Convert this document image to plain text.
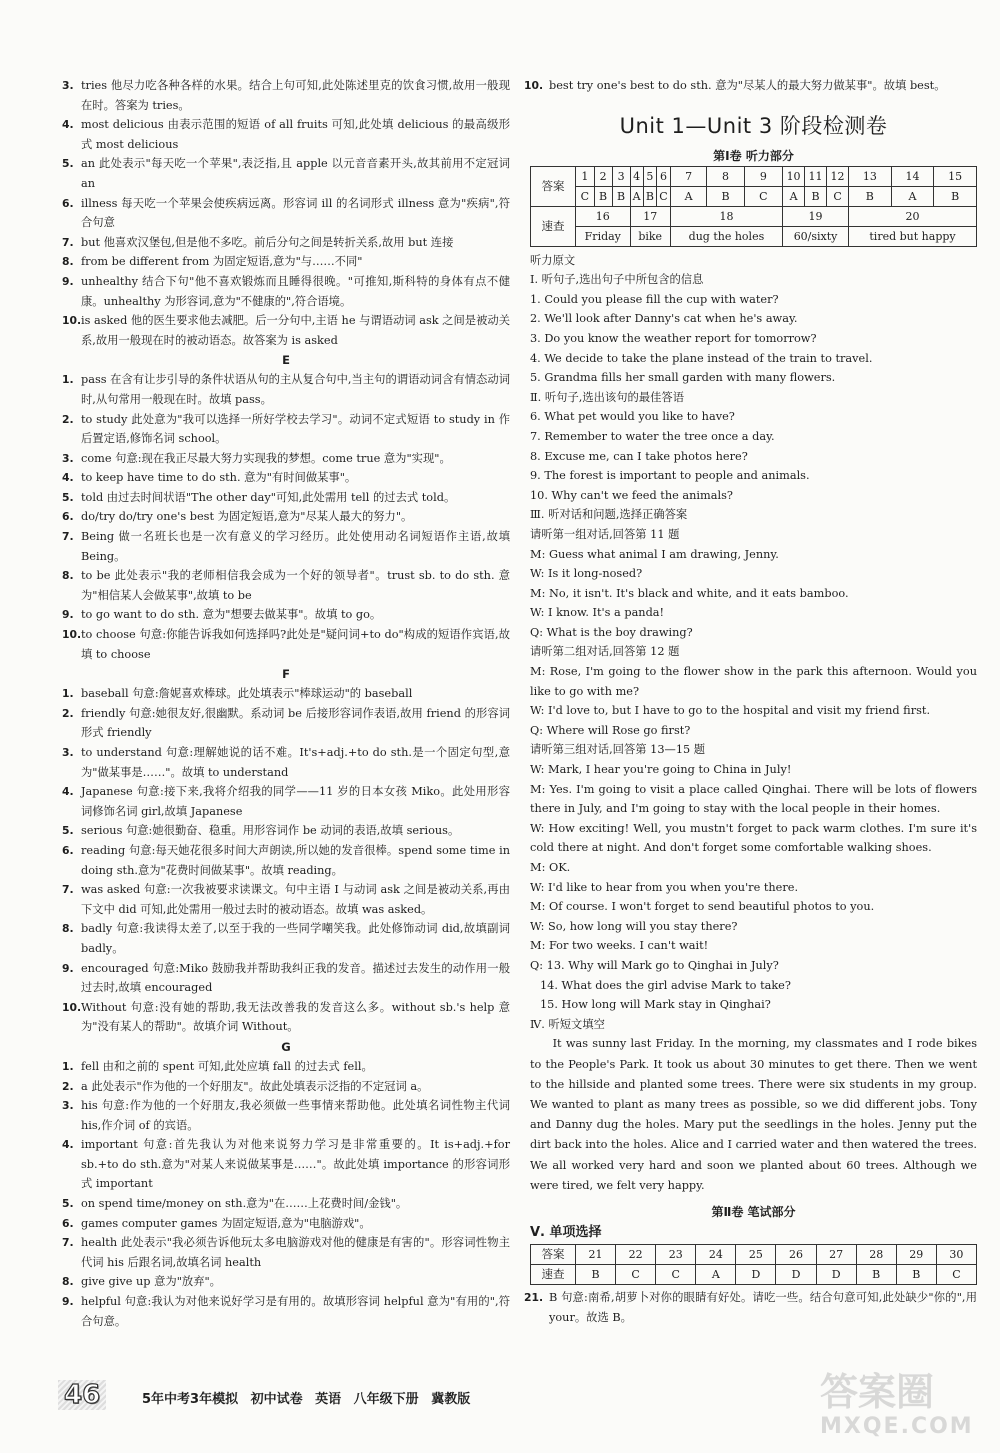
3. tries 他尽力吃各种各样的水果。结合上句可知,此处陈述里克的饮食习惯,故用一般现在时。答案为 tries。
4. most delicious 由表示范围的短语 of all fruits 可知,此处填 delicious 的最高级形式 most delicious
5. an 此处表示"每天吃一个苹果",表泛指,且 apple 以元音音素开头,故其前用不定冠词 an
6. illness 每天吃一个苹果会使疾病远离。形容词 ill 的名词形式 illness 意为"疾病",符合句意
7. but 他喜欢汉堡包,但是他不多吃。前后分句之间是转折关系,故用 but 连接
8. from be different from 为固定短语,意为"与……不同"
9. unhealthy 结合下句"他不喜欢锻炼而且睡得很晚。"可推知,斯科特的身体有点不健康。unhealthy 为形容词,意为"不健康的",符合语境。
10. is asked 他的医生要求他去减肥。后一分句中,主语 he 与谓语动词 ask 之间是被动关系,故用一般现在时的被动语态。故答案为 is asked
E
1. pass 在含有让步引导的条件状语从句的主从复合句中,当主句的谓语动词含有情态动词时,从句常用一般现在时。故填 pass。
2. to study 此处意为"我可以选择一所好学校去学习"。动词不定式短语 to study in 作后置定语,修饰名词 school。
3. come 句意:现在我正尽最大努力实现我的梦想。come true 意为"实现"。
4. to keep have time to do sth. 意为"有时间做某事"。
5. told 由过去时间状语"The other day"可知,此处需用 tell 的过去式 told。
6. do/try do/try one's best 为固定短语,意为"尽某人最大的努力"。
7. Being 做一名班长也是一次有意义的学习经历。此处使用动名词短语作主语,故填 Being。
8. to be 此处表示"我的老师相信我会成为一个好的领导者"。trust sb. to do sth. 意为"相信某人会做某事",故填 to be
9. to go want to do sth. 意为"想要去做某事"。故填 to go。
10. to choose 句意:你能告诉我如何选择吗?此处是"疑问词+to do"构成的短语作宾语,故填 to choose
F
1. baseball 句意:詹妮喜欢棒球。此处填表示"棒球运动"的 baseball
2. friendly 句意:她很友好,很幽默。系动词 be 后接形容词作表语,故用 friend 的形容词形式 friendly
3. to understand 句意:理解她说的话不难。It's+adj.+to do sth.是一个固定句型,意为"做某事是……"。故填 to understand
4. Japanese 句意:接下来,我将介绍我的同学——11 岁的日本女孩 Miko。此处用形容词修饰名词 girl,故填 Japanese
5. serious 句意:她很勤奋、稳重。用形容词作 be 动词的表语,故填 serious。
6. reading 句意:每天她花很多时间大声朗读,所以她的发音很棒。spend some time in doing sth.意为"花费时间做某事"。故填 reading。
7. was asked 句意:一次我被要求读课文。句中主语 I 与动词 ask 之间是被动关系,再由下文中 did 可知,此处需用一般过去时的被动语态。故填 was asked。
8. badly 句意:我读得太差了,以至于我的一些同学嘲笑我。此处修饰动词 did,故填副词 badly。
9. encouraged 句意:Miko 鼓励我并帮助我纠正我的发音。描述过去发生的动作用一般过去时,故填 encouraged
10. Without 句意:没有她的帮助,我无法改善我的发音这么多。without sb.'s help 意为"没有某人的帮助"。故填介词 Without。
G
1. fell 由和之前的 spent 可知,此处应填 fall 的过去式 fell。
2. a 此处表示"作为他的一个好朋友"。故此处填表示泛指的不定冠词 a。
3. his 句意:作为他的一个好朋友,我必须做一些事情来帮助他。此处填名词性物主代词 his,作介词 of 的宾语。
4. important 句意:首先我认为对他来说努力学习是非常重要的。It is+adj.+for sb.+to do sth.意为"对某人来说做某事是……"。故此处填 importance 的形容词形式 important
5. on spend time/money on sth.意为"在……上花费时间/金钱"。
6. games computer games 为固定短语,意为"电脑游戏"。
7. health 此处表示"我必须告诉他玩太多电脑游戏对他的健康是有害的"。形容词性物主代词 his 后跟名词,故填名词 health
8. give give up 意为"放弃"。
9. helpful 句意:我认为对他来说好学习是有用的。故填形容词 helpful 意为"有用的",符合句意。
10. best try one's best to do sth. 意为"尽某人的最大努力做某事"。故填 best。
Unit 1—Unit 3 阶段检测卷
第Ⅰ卷 听力部分
答案	1	2	3	4	5	6	7	8	9	10	11	12	13	14	15
	C	B	B	A	B	C	A	B	C	A	B	C	B	A	B
速查	16			17			18			19			20		
	Friday			bike			dug the holes			60/sixty			tired but happy		
听力原文
Ⅰ. 听句子,选出句子中所包含的信息
1. Could you please fill the cup with water?
2. We'll look after Danny's cat when he's away.
3. Do you know the weather report for tomorrow?
4. We decide to take the plane instead of the train to travel.
5. Grandma fills her small garden with many flowers.
Ⅱ. 听句子,选出该句的最佳答语
6. What pet would you like to have?
7. Remember to water the tree once a day.
8. Excuse me, can I take photos here?
9. The forest is important to people and animals.
10. Why can't we feed the animals?
Ⅲ. 听对话和问题,选择正确答案
请听第一组对话,回答第 11 题
M: Guess what animal I am drawing, Jenny.
W: Is it long-nosed?
M: No, it isn't. It's black and white, and it eats bamboo.
W: I know. It's a panda!
Q: What is the boy drawing?
请听第二组对话,回答第 12 题
M: Rose, I'm going to the flower show in the park this afternoon. Would you like to go with me?
W: I'd love to, but I have to go to the hospital and visit my friend first.
Q: Where will Rose go first?
请听第三组对话,回答第 13—15 题
W: Mark, I hear you're going to China in July!
M: Yes. I'm going to visit a place called Qinghai. There will be lots of flowers there in July, and I'm going to stay with the local people in their homes.
W: How exciting! Well, you mustn't forget to pack warm clothes. I'm sure it's cold there at night. And don't forget some comfortable walking shoes.
M: OK.
W: I'd like to hear from you when you're there.
M: Of course. I won't forget to send beautiful photos to you.
W: So, how long will you stay there?
M: For two weeks. I can't wait!
Q: 13. Why will Mark go to Qinghai in July?
14. What does the girl advise Mark to take?
15. How long will Mark stay in Qinghai?
Ⅳ. 听短文填空
It was sunny last Friday. In the morning, my classmates and I rode bikes to the People's Park. It took us about 30 minutes to get there. Then we went to the hillside and planted some trees. There were six students in my group. We wanted to plant as many trees as possible, so we did different jobs. Tony and Danny dug the holes. Mary put the seedlings in the holes. Jenny put the dirt back into the holes. Alice and I carried water and then watered the trees. We all worked very hard and soon we planted about 60 trees. Although we were tired, we felt very happy.
第Ⅱ卷 笔试部分
Ⅴ. 单项选择
答案	21	22	23	24	25	26	27	28	29	30
速查	B	C	C	A	D	D	D	B	B	C
21. B 句意:南希,胡萝卜对你的眼睛有好处。请吃一些。结合句意可知,此处缺少"你的",用 your。故选 B。
46	5年中考3年模拟 初中试卷 英语 八年级下册 冀教版	答案圈
MXQE.COM
